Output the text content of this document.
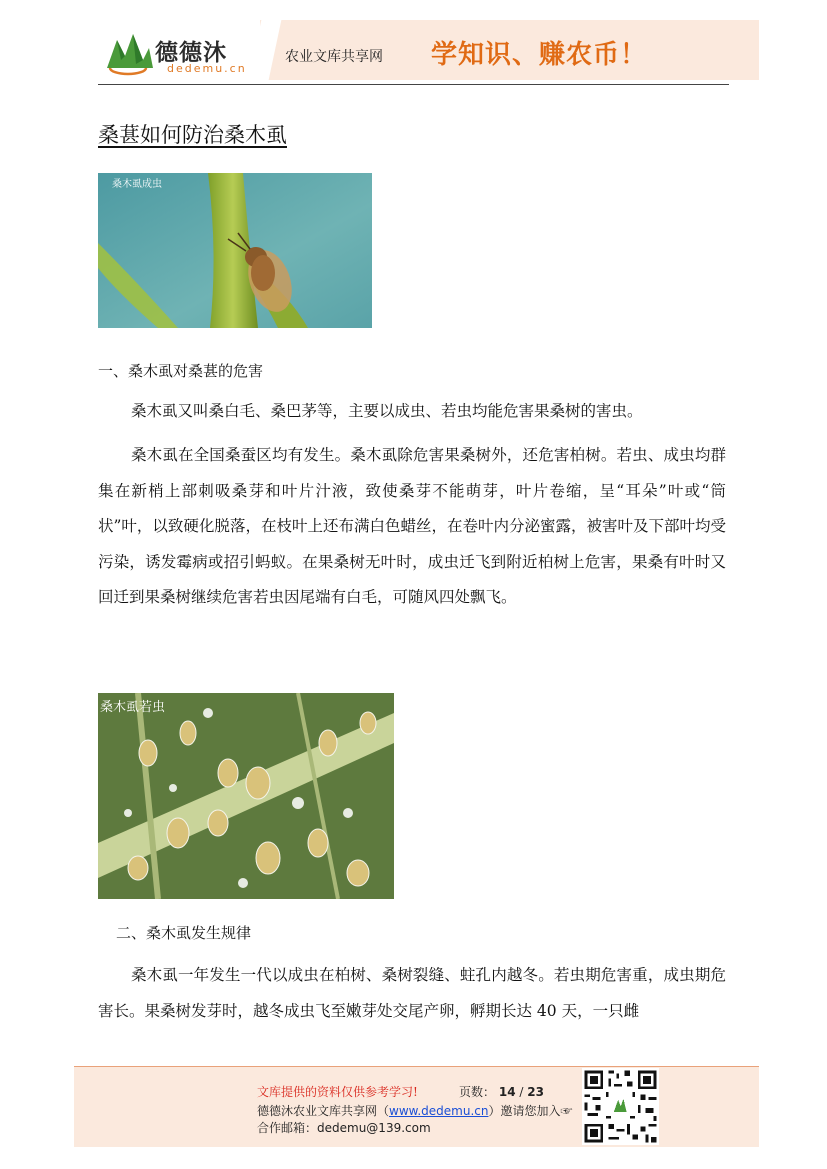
德德沐
dedemu.cn
农业文库共享网 学知识、赚农币！
桑葚如何防治桑木虱
桑木虱成虫
一、桑木虱对桑葚的危害

桑木虱又叫桑白毛、桑巴茅等，主要以成虫、若虫均能危害果桑树的害虫。

桑木虱在全国桑蚕区均有发生。桑木虱除危害果桑树外，还危害柏树。若虫、成虫均群集在新梢上部刺吸桑芽和叶片汁液，致使桑芽不能萌芽，叶片卷缩，呈“耳朵”叶或“筒状”叶，以致硬化脱落，在枝叶上还布满白色蜡丝，在卷叶内分泌蜜露，被害叶及下部叶均受污染，诱发霉病或招引蚂蚁。在果桑树无叶时，成虫迁飞到附近柏树上危害，果桑有叶时又回迁到果桑树继续危害若虫因尾端有白毛，可随风四处飘飞。

桑木虱若虫
二、桑木虱发生规律

桑木虱一年发生一代以成虫在柏树、桑树裂缝、蛀孔内越冬。若虫期危害重，成虫期危害长。果桑树发芽时，越冬成虫飞至嫩芽处交尾产卵，孵期长达 40 天，一只雌

文库提供的资料仅供参考学习!	页数： 14 / 23
德德沐农业文库共享网（www.dedemu.cn）邀请您加入☞
合作邮箱：dedemu@139.com
